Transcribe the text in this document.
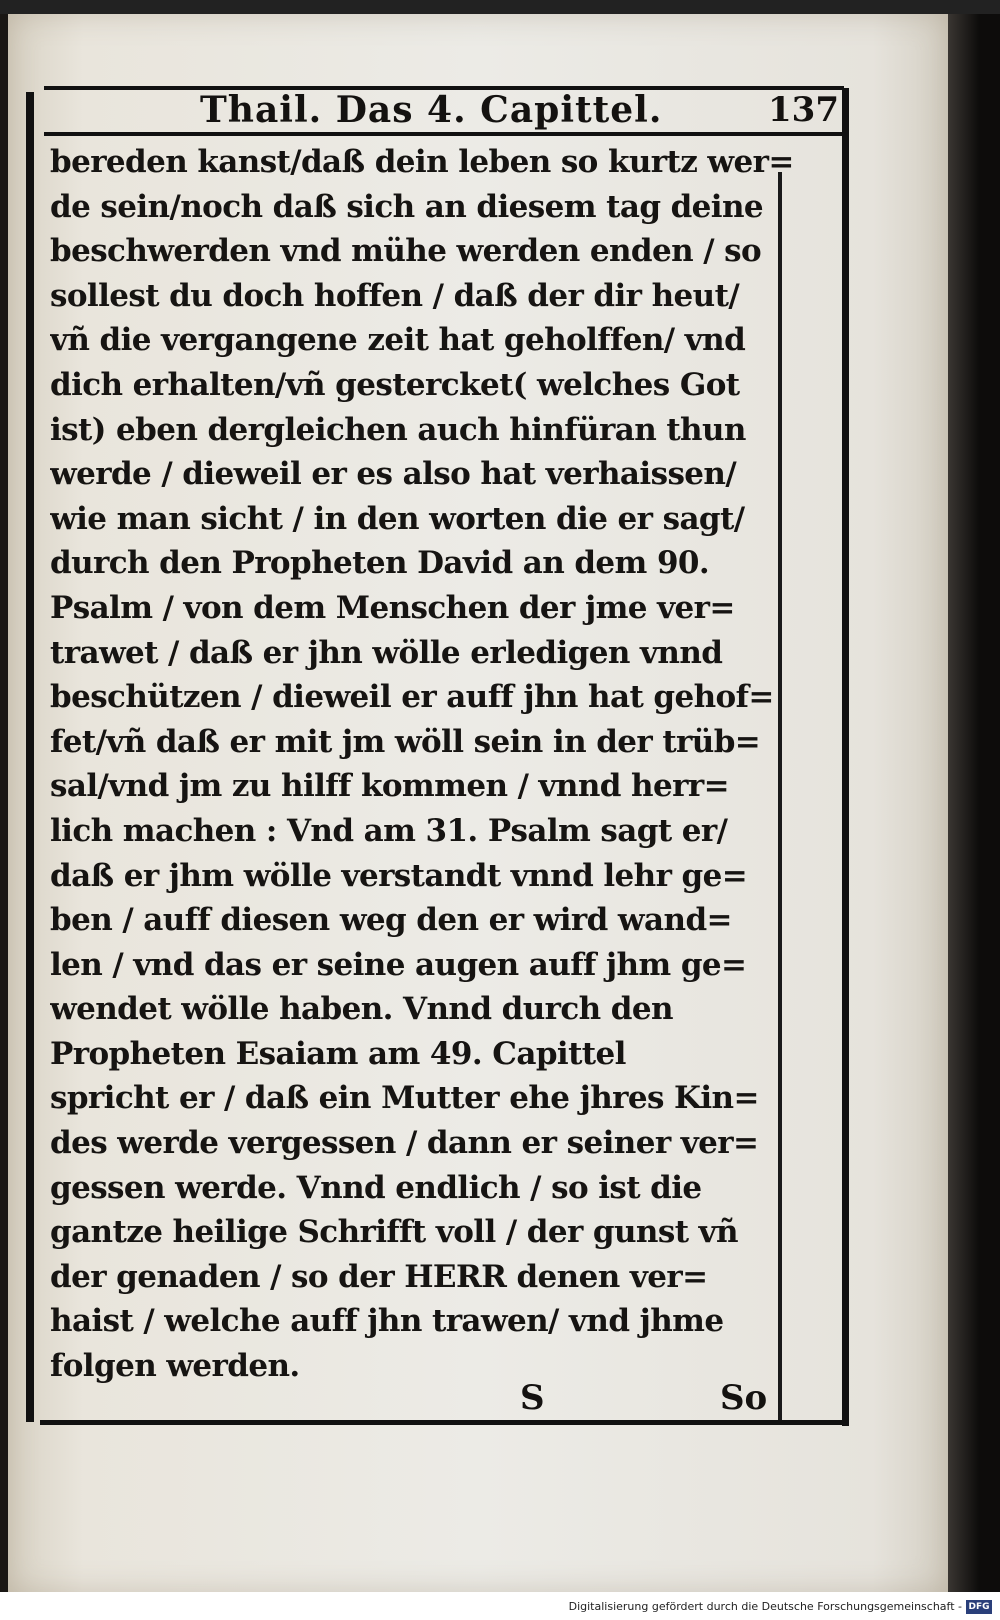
Thail. Das 4. Capittel.	137
bereden kanst/daß dein leben so kurtz wer=
de sein/noch daß sich an diesem tag deine
beschwerden vnd mühe werden enden / so
sollest du doch hoffen / daß der dir heut/
vñ die vergangene zeit hat geholffen/ vnd
dich erhalten/vñ gestercket( welches Got
ist) eben dergleichen auch hinfüran thun
werde / dieweil er es also hat verhaissen/
wie man sicht / in den worten die er sagt/
durch den Propheten David an dem 90.
Psalm / von dem Menschen der jme ver=
trawet / daß er jhn wölle erledigen vnnd
beschützen / dieweil er auff jhn hat gehof=
fet/vñ daß er mit jm wöll sein in der trüb=
sal/vnd jm zu hilff kommen / vnnd herr=
lich machen : Vnd am 31. Psalm sagt er/
daß er jhm wölle verstandt vnnd lehr ge=
ben / auff diesen weg den er wird wand=
len / vnd das er seine augen auff jhm ge=
wendet wölle haben. Vnnd durch den
Propheten Esaiam am 49. Capittel
spricht er / daß ein Mutter ehe jhres Kin=
des werde vergessen / dann er seiner ver=
gessen werde. Vnnd endlich / so ist die
gantze heilige Schrifft voll / der gunst vñ
der genaden / so der HERR denen ver=
haist / welche auff jhn trawen/ vnd jhme
folgen werden.
S	So
Digitalisierung gefördert durch die Deutsche Forschungsgemeinschaft - DFG
